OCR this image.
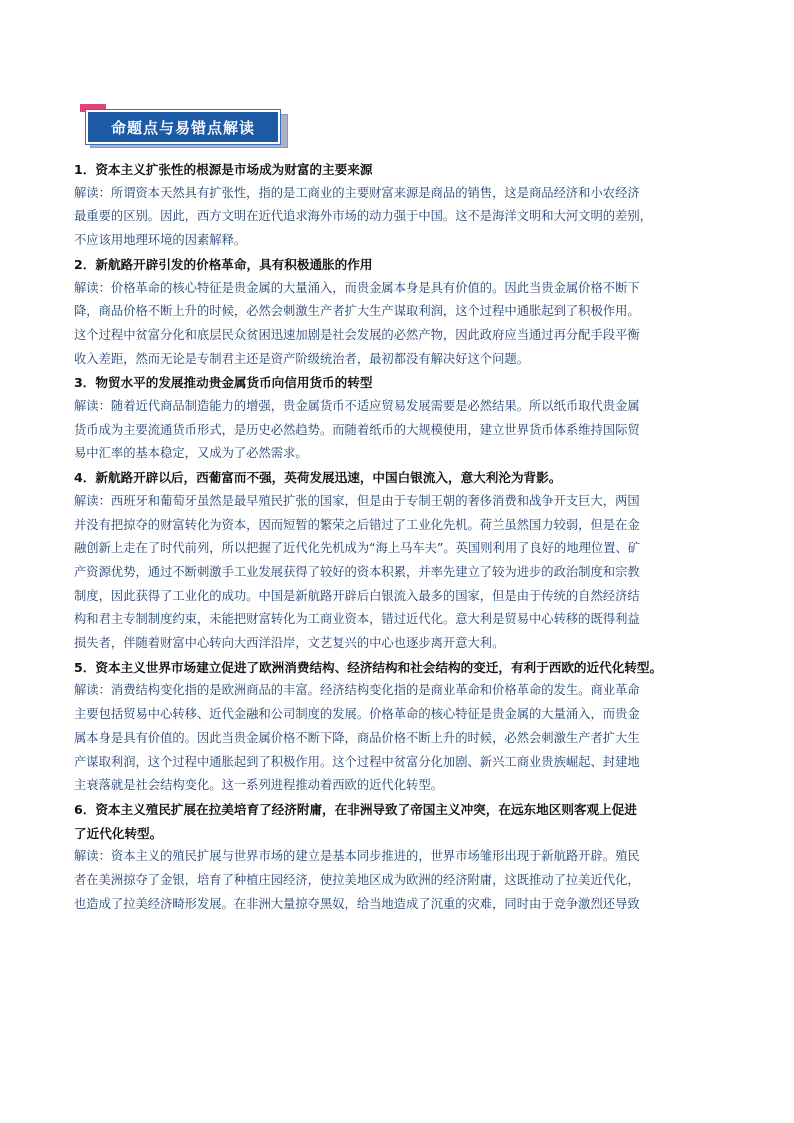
命题点与易错点解读
1．资本主义扩张性的根源是市场成为财富的主要来源
解读：所谓资本天然具有扩张性，指的是工商业的主要财富来源是商品的销售，这是商品经济和小农经济
最重要的区别。因此，西方文明在近代追求海外市场的动力强于中国。这不是海洋文明和大河文明的差别，
不应该用地理环境的因素解释。
2．新航路开辟引发的价格革命，具有积极通胀的作用
解读：价格革命的核心特征是贵金属的大量涌入，而贵金属本身是具有价值的。因此当贵金属价格不断下
降，商品价格不断上升的时候，必然会刺激生产者扩大生产谋取利润，这个过程中通胀起到了积极作用。
这个过程中贫富分化和底层民众贫困迅速加剧是社会发展的必然产物，因此政府应当通过再分配手段平衡
收入差距，然而无论是专制君主还是资产阶级统治者，最初都没有解决好这个问题。
3．物贸水平的发展推动贵金属货币向信用货币的转型
解读：随着近代商品制造能力的增强，贵金属货币不适应贸易发展需要是必然结果。所以纸币取代贵金属
货币成为主要流通货币形式，是历史必然趋势。而随着纸币的大规模使用，建立世界货币体系维持国际贸
易中汇率的基本稳定，又成为了必然需求。
4．新航路开辟以后，西葡富而不强，英荷发展迅速，中国白银流入，意大利沦为背影。
解读：西班牙和葡萄牙虽然是最早殖民扩张的国家，但是由于专制王朝的奢侈消费和战争开支巨大，两国
并没有把掠夺的财富转化为资本，因而短暂的繁荣之后错过了工业化先机。荷兰虽然国力较弱，但是在金
融创新上走在了时代前列，所以把握了近代化先机成为“海上马车夫”。英国则利用了良好的地理位置、矿
产资源优势，通过不断刺激手工业发展获得了较好的资本积累，并率先建立了较为进步的政治制度和宗教
制度，因此获得了工业化的成功。中国是新航路开辟后白银流入最多的国家，但是由于传统的自然经济结
构和君主专制制度约束，未能把财富转化为工商业资本，错过近代化。意大利是贸易中心转移的既得利益
损失者，伴随着财富中心转向大西洋沿岸，文艺复兴的中心也逐步离开意大利。
5．资本主义世界市场建立促进了欧洲消费结构、经济结构和社会结构的变迁，有利于西欧的近代化转型。
解读：消费结构变化指的是欧洲商品的丰富。经济结构变化指的是商业革命和价格革命的发生。商业革命
主要包括贸易中心转移、近代金融和公司制度的发展。价格革命的核心特征是贵金属的大量涌入，而贵金
属本身是具有价值的。因此当贵金属价格不断下降，商品价格不断上升的时候，必然会刺激生产者扩大生
产谋取利润，这个过程中通胀起到了积极作用。这个过程中贫富分化加剧、新兴工商业贵族崛起、封建地
主衰落就是社会结构变化。这一系列进程推动着西欧的近代化转型。
6．资本主义殖民扩展在拉美培育了经济附庸，在非洲导致了帝国主义冲突，在远东地区则客观上促进
了近代化转型。
解读：资本主义的殖民扩展与世界市场的建立是基本同步推进的，世界市场雏形出现于新航路开辟。殖民
者在美洲掠夺了金银，培育了种植庄园经济，使拉美地区成为欧洲的经济附庸，这既推动了拉美近代化，
也造成了拉美经济畸形发展。在非洲大量掠夺黑奴，给当地造成了沉重的灾难，同时由于竞争激烈还导致
